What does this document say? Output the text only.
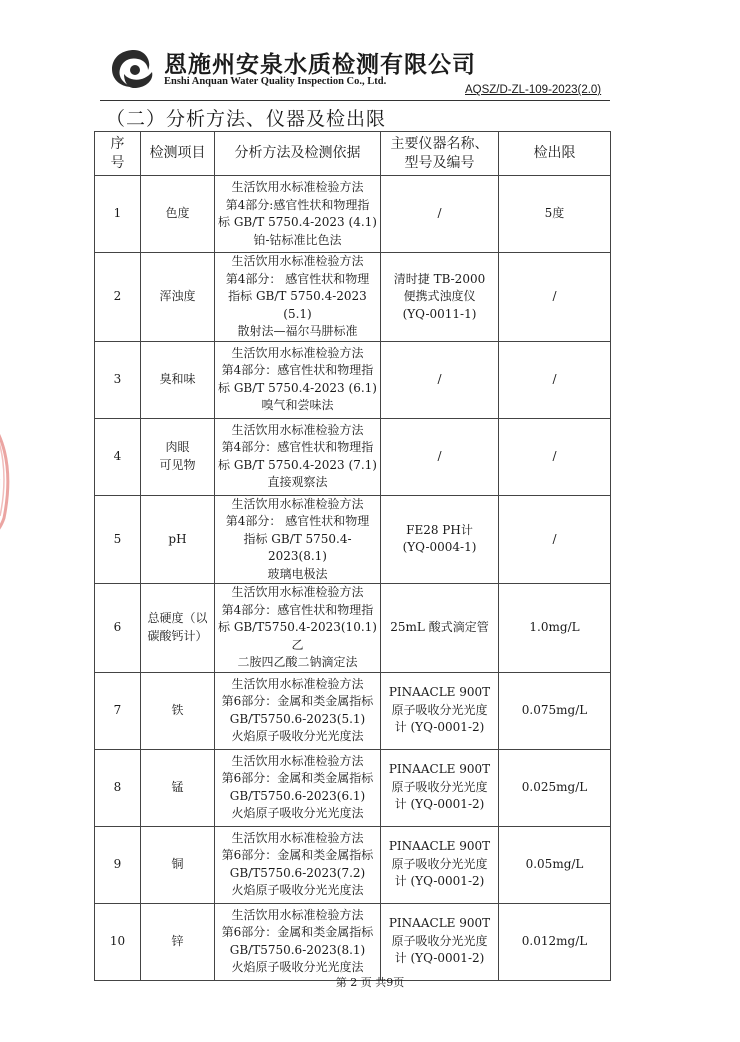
恩施州安泉水质检测有限公司
Enshi Anquan Water Quality Inspection Co., Ltd.
AQSZ/D-ZL-109-2023(2.0)
（二）分析方法、仪器及检出限
序
号	检测项目	分析方法及检测依据	主要仪器名称、
型号及编号	检出限
1	色度	生活饮用水标准检验方法
第4部分:感官性状和物理指
标 GB/T 5750.4-2023 (4.1)
铂-钴标准比色法	/	5度
2	浑浊度	生活饮用水标准检验方法
第4部分： 感官性状和物理
指标 GB/T 5750.4-2023 (5.1)
散射法—福尔马肼标准	清时捷 TB-2000
便携式浊度仪
(YQ-0011-1)	/
3	臭和味	生活饮用水标准检验方法
第4部分：感官性状和物理指
标 GB/T 5750.4-2023 (6.1)
嗅气和尝味法	/	/
4	肉眼
可见物	生活饮用水标准检验方法
第4部分：感官性状和物理指
标 GB/T 5750.4-2023 (7.1)
直接观察法	/	/
5	pH	生活饮用水标准检验方法
第4部分： 感官性状和物理
指标 GB/T 5750.4-2023(8.1)
玻璃电极法	FE28 PH计
(YQ-0004-1)	/
6	总硬度（以
碳酸钙计）	生活饮用水标准检验方法
第4部分：感官性状和物理指
标 GB/T5750.4-2023(10.1)乙
二胺四乙酸二钠滴定法	25mL 酸式滴定管	1.0mg/L
7	铁	生活饮用水标准检验方法
第6部分：金属和类金属指标
GB/T5750.6-2023(5.1)
火焰原子吸收分光光度法	PINAACLE 900T
原子吸收分光光度
计 (YQ-0001-2)	0.075mg/L
8	锰	生活饮用水标准检验方法
第6部分：金属和类金属指标
GB/T5750.6-2023(6.1)
火焰原子吸收分光光度法	PINAACLE 900T
原子吸收分光光度
计 (YQ-0001-2)	0.025mg/L
9	铜	生活饮用水标准检验方法
第6部分：金属和类金属指标
GB/T5750.6-2023(7.2)
火焰原子吸收分光光度法	PINAACLE 900T
原子吸收分光光度
计 (YQ-0001-2)	0.05mg/L
10	锌	生活饮用水标准检验方法
第6部分：金属和类金属指标
GB/T5750.6-2023(8.1)
火焰原子吸收分光光度法	PINAACLE 900T
原子吸收分光光度
计 (YQ-0001-2)	0.012mg/L
第 2 页 共9页
